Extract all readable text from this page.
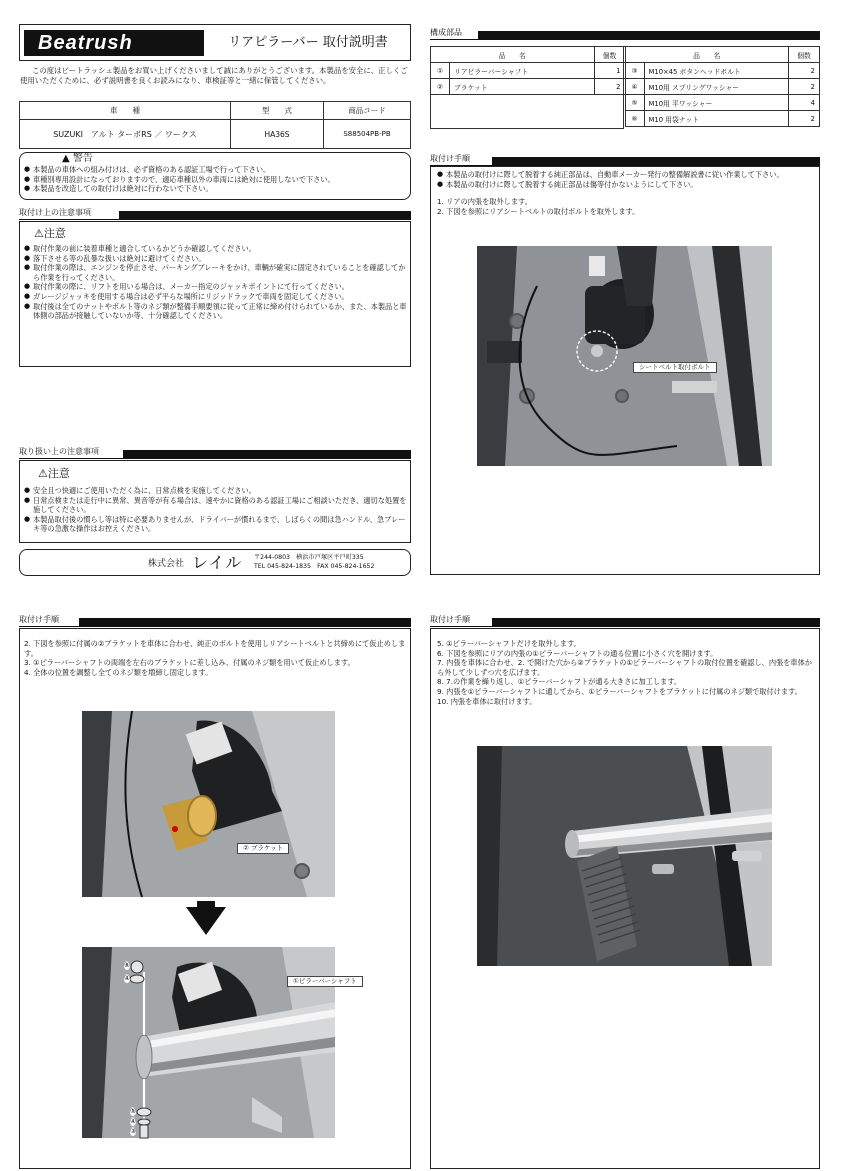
Beatrush	リアピラーバー 取付説明書
この度はビートラッシュ製品をお買い上げくださいまして誠にありがとうございます。本製品を安全に、正しくご使用いただくために、必ず説明書を良くお読みになり、車検証等と一緒に保管してください。
車　　種	型　　式	商品コード
SUZUKI　アルト ターボRS ／ ワークス	HA36S	S88504PB-PB
▲ 警告
● 本製品の車体への組み付けは、必ず資格のある認証工場で行って下さい。
● 車種別専用設計になっておりますので、適応車種以外の車両には絶対に使用しないで下さい。
● 本製品を改造しての取付けは絶対に行わないで下さい。
取付け上の注意事項
⚠注意
● 取付作業の前に装着車種と適合しているかどうか確認してください。
● 落下させる等の乱暴な扱いは絶対に避けてください。
● 取付作業の際は、エンジンを停止させ、パーキングブレーキをかけ、車輌が確実に固定されていることを確認してから作業を行ってください。
● 取付作業の際に、リフトを用いる場合は、メーカー指定のジャッキポイントにて行ってください。
● ガレージジャッキを使用する場合は必ず平らな場所にリジッドラックで車両を固定してください。
● 取付後は全てのナットやボルト等のネジ類が整備手順要領に従って正常に締め付けられているか、また、本製品と車体側の部品が接触していないか等、十分確認してください。
取り扱い上の注意事項
⚠注意
● 安全且つ快適にご使用いただく為に、日常点検を実施してください。
● 日常点検または走行中に異常、異音等が有る場合は、速やかに資格のある認証工場にご相談いただき、適切な処置を施してください。
● 本製品取付後の慣らし等は特に必要ありませんが、ドライバーが慣れるまで、しばらくの間は急ハンドル、急ブレーキ等の急激な操作はお控えください。
株式会社 レイル 〒244-0803　横浜市戸塚区平戸町335
TEL 045-824-1835　FAX 045-824-1652
構成部品
品　　名		個数	品　　名		個数
①	リアピラーバーシャフト	1	③	M10×45 ボタンヘッドボルト	2
②	ブラケット	2	④	M10用 スプリングワッシャー	2
			⑤	M10用 平ワッシャー	4
			⑥	M10 用袋ナット	2
取付け手順
● 本製品の取付けに際して脱着する純正部品は、自動車メーカー発行の整備解説書に従い作業して下さい。
● 本製品の取付けに際して脱着する純正部品は傷等付かないようにして下さい。
1. リアの内張を取外します。
2. 下図を参照にリアシートベルトの取付ボルトを取外します。
シートベルト取付ボルト
取付け手順
2. 下図を参照に付属の②ブラケットを車体に合わせ、純正のボルトを使用しリアシートベルトと共締めにて仮止めします。
3. ①ピラーバーシャフトの両端を左右のブラケットに差し込み、付属のネジ類を用いて仮止めします。
4. 全体の位置を調整し全てのネジ類を増締し固定します。
② ブラケット
①ピラーバーシャフト
⑥
④
⑤
④
③
取付け手順
5. ①ピラーバーシャフトだけを取外します。
6. 下図を参照にリアの内張の①ピラーバーシャフトの通る位置に小さく穴を開けます。
7. 内張を車体に合わせ、2. で開けた穴から②ブラケットの①ピラーバーシャフトの取付位置を確認し、内張を車体から外して少しずつ穴を広げます。
8. 7.の作業を繰り返し、①ピラーバーシャフトが通る大きさに加工します。
9. 内張を①ピラーバーシャフトに通してから、①ピラーバーシャフトをブラケットに付属のネジ類で取付けます。
10. 内張を車体に取付けます。
